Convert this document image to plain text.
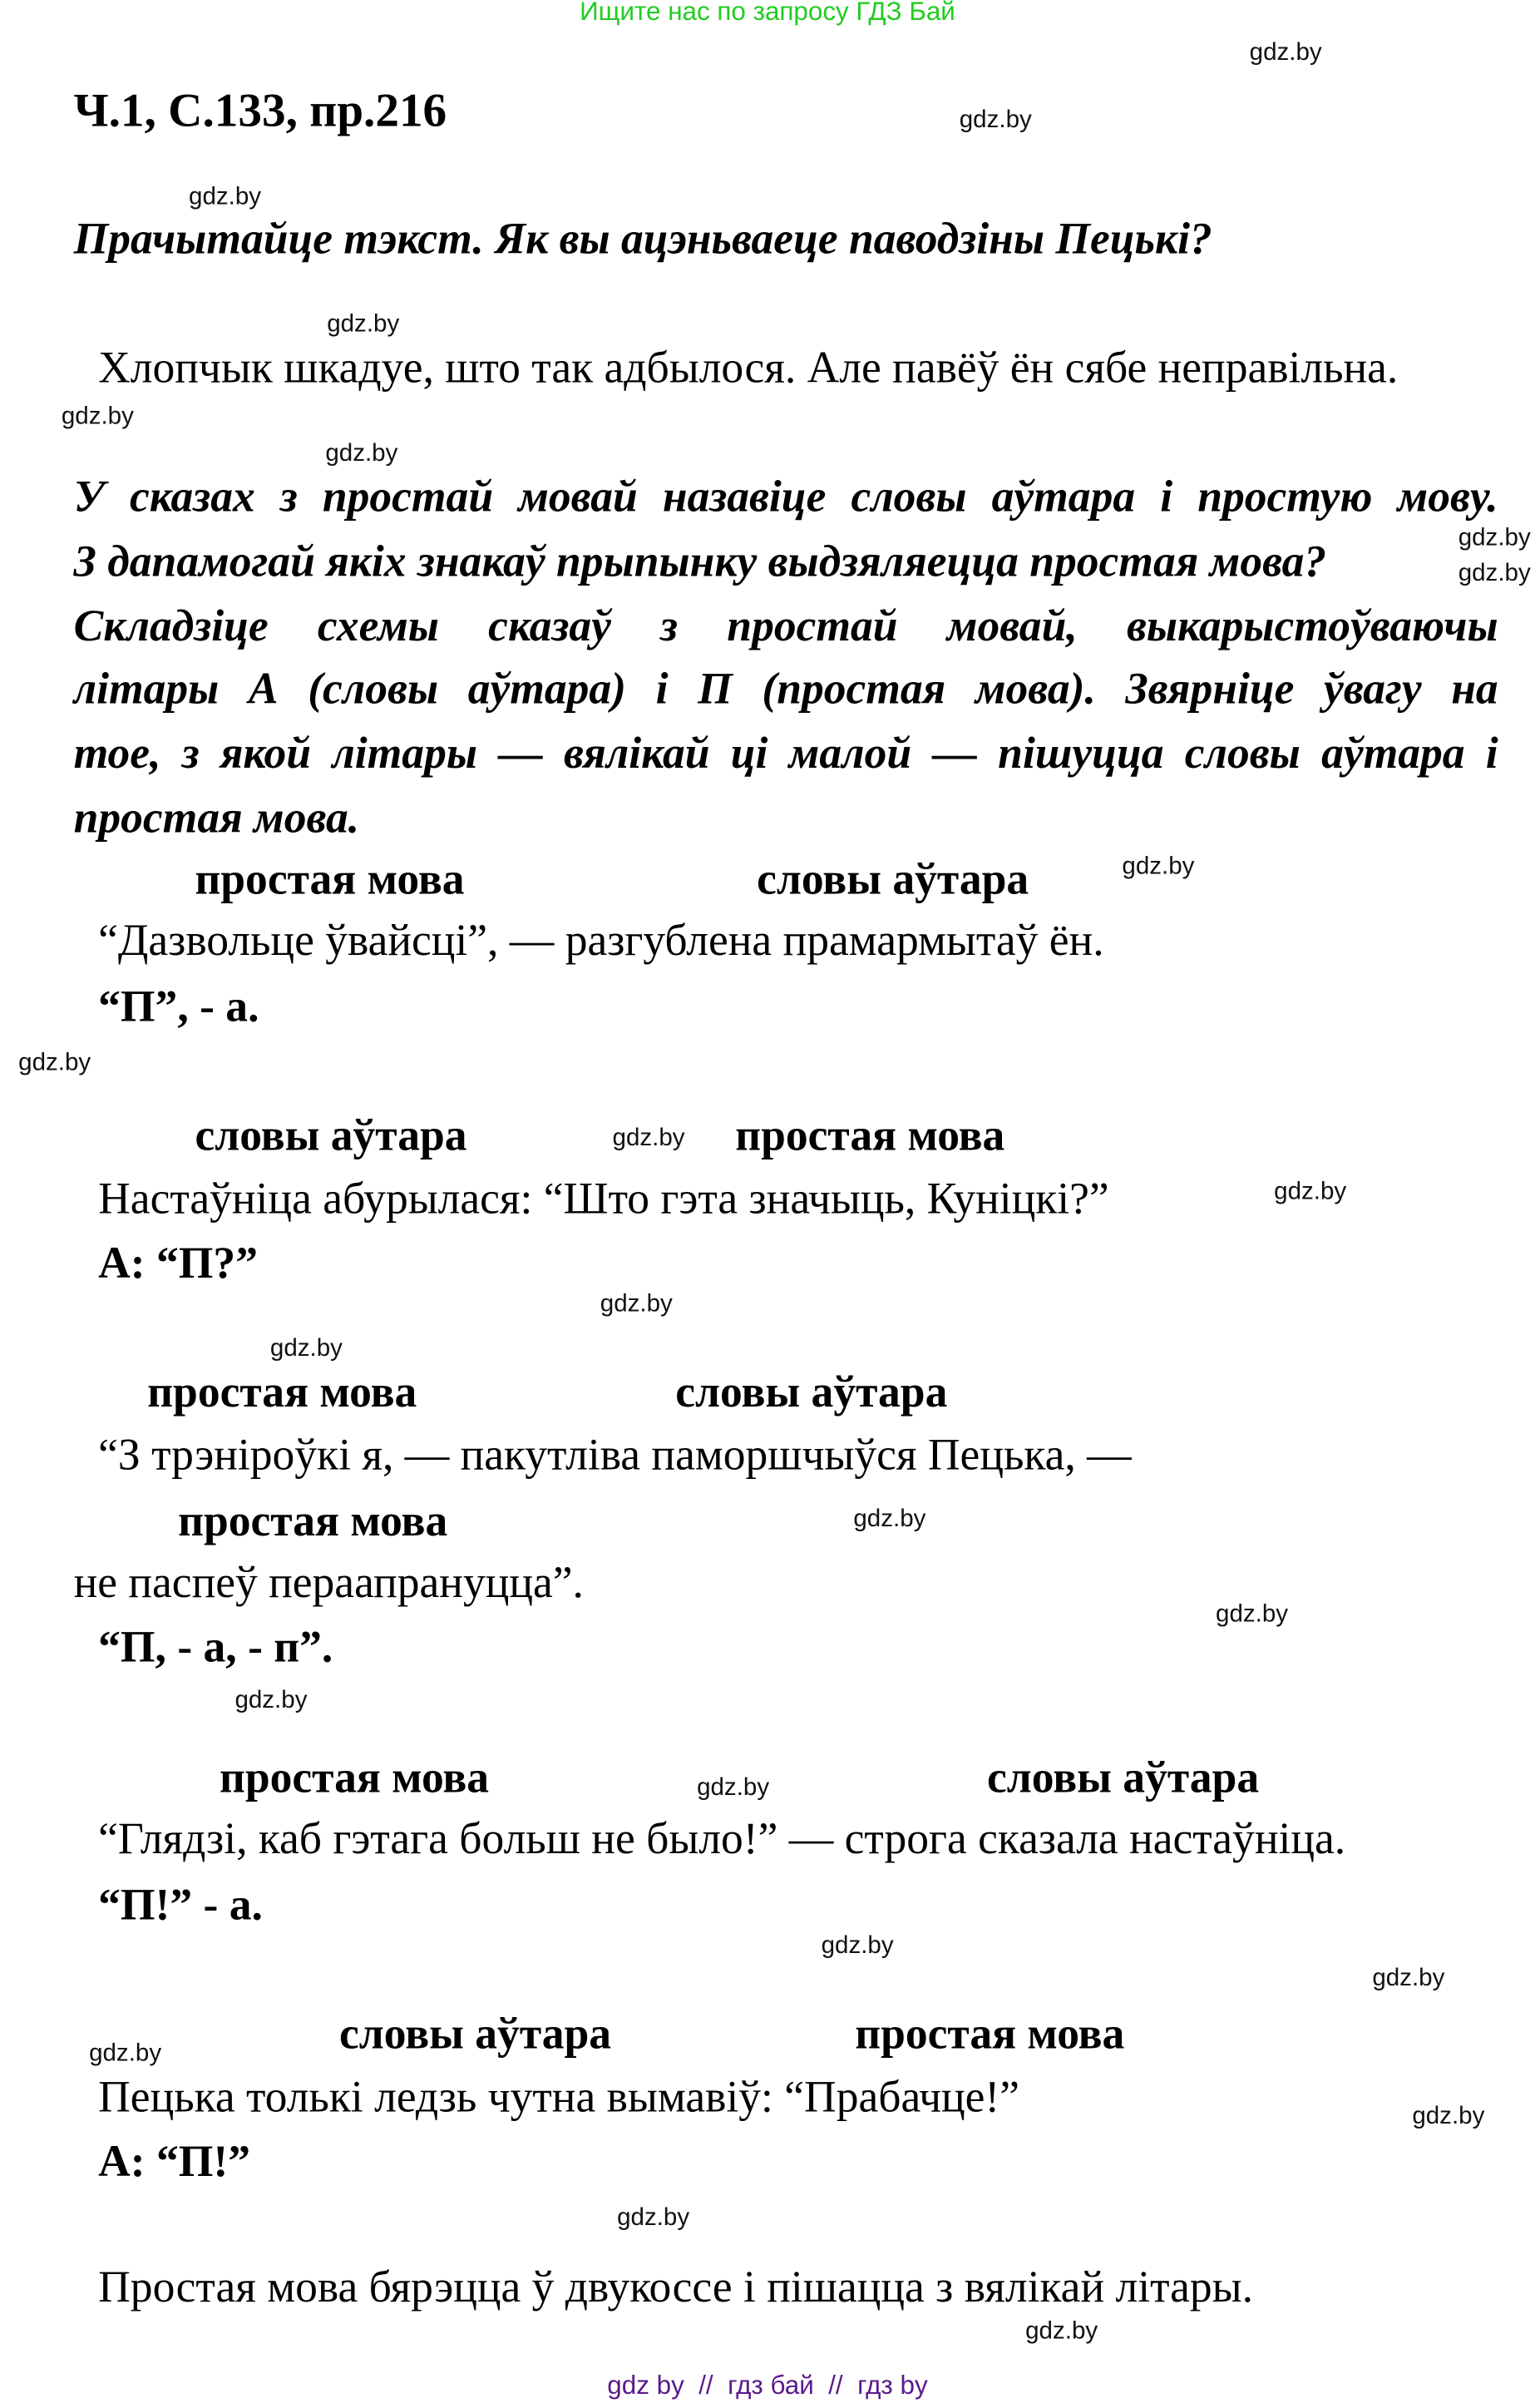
Ищите нас по запросу ГДЗ Бай
Ч.1, С.133, пр.216
Прачытайце тэкст. Як вы ацэньваеце паводзіны Пецькі?
Хлопчык шкадуе, што так адбылося. Але павёў ён сябе неправільна.
У сказах з простай мовай назавіце словы аўтара і простую мову.
З дапамогай якіх знакаў прыпынку выдзяляецца простая мова?
Складзіце схемы сказаў з простай мовай, выкарыстоўваючы
літары А (словы аўтара) і П (простая мова). Звярніце ўвагу на
тое, з якой літары — вялікай ці малой — пішуцца словы аўтара і
простая мова.
простая мова	словы аўтара
“Дазвольце ўвайсці”, — разгублена прамармытаў ён.
“П”, - а.
словы аўтара	простая мова
Настаўніца абурылася: “Што гэта значыць, Куніцкі?”
А: “П?”
простая мова	словы аўтара
“З трэніроўкі я, — пакутліва паморшчыўся Пецька, —
простая мова
не паспеў пераапрануцца”.
“П, - а, - п”.
простая мова	словы аўтара
“Глядзі, каб гэтага больш не было!” — строга сказала настаўніца.
“П!” - а.
словы аўтара	простая мова
Пецька толькі ледзь чутна вымавіў: “Прабачце!”
А: “П!”
Простая мова бярэцца ў двукоссе і пішацца з вялікай літары.
gdz.by
gdz.by
gdz.by
gdz.by
gdz.by
gdz.by
gdz.by
gdz.by
gdz.by
gdz.by
gdz.by
gdz.by
gdz.by
gdz.by
gdz.by
gdz.by
gdz.by
gdz.by
gdz.by
gdz.by
gdz.by
gdz.by
gdz.by
gdz.by
gdz by  //  гдз бай  //  гдз by
